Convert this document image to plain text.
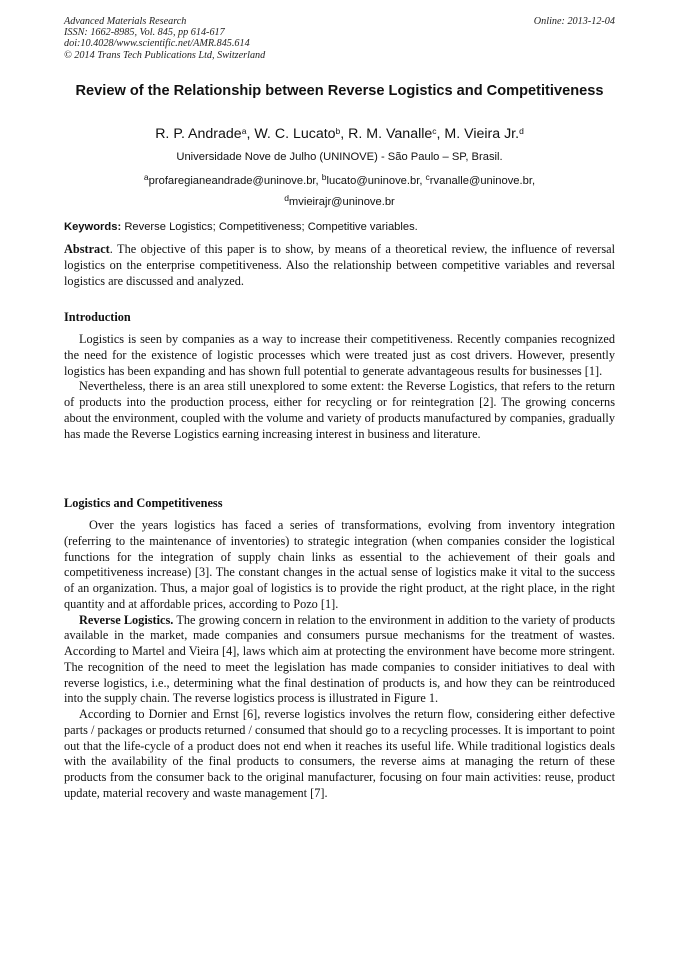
Advanced Materials Research
ISSN: 1662-8985, Vol. 845, pp 614-617
doi:10.4028/www.scientific.net/AMR.845.614
© 2014 Trans Tech Publications Ltd, Switzerland
Online: 2013-12-04
Review of the Relationship between Reverse Logistics and Competitiveness
R. P. Andrade$^a$, W. C. Lucato$^b$, R. M. Vanalle$^c$, M. Vieira Jr.$^d$
Universidade Nove de Julho (UNINOVE) - São Paulo – SP, Brasil.
$^a$profaregianeandrade@uninove.br, $^b$lucato@uninove.br, $^c$rvanalle@uninove.br,
$^d$mvieirajr@uninove.br
Keywords: Reverse Logistics; Competitiveness; Competitive variables.
Abstract. The objective of this paper is to show, by means of a theoretical review, the influence of reversal logistics on the enterprise competitiveness. Also the relationship between competitive variables and reversal logistics are discussed and analyzed.
Introduction

Logistics is seen by companies as a way to increase their competitiveness. Recently companies recognized the need for the existence of logistic processes which were treated just as cost drivers. However, presently logistics has been expanding and has shown full potential to generate advantageous results for businesses [1].

Nevertheless, there is an area still unexplored to some extent: the Reverse Logistics, that refers to the return of products into the production process, either for recycling or for reintegration [2]. The growing concerns about the environment, coupled with the volume and variety of products manufactured by companies, gradually has made the Reverse Logistics earning increasing interest in business and literature.

Logistics and Competitiveness

Over the years logistics has faced a series of transformations, evolving from inventory integration (referring to the maintenance of inventories) to strategic integration (when companies consider the logistical functions for the integration of supply chain links as essential to the achievement of their goals and competitiveness increase) [3]. The constant changes in the actual sense of logistics make it vital to the success of an organization. Thus, a major goal of logistics is to provide the right product, at the right place, in the right quantity and at affordable prices, according to Pozo [1].

Reverse Logistics. The growing concern in relation to the environment in addition to the variety of products available in the market, made companies and consumers pursue mechanisms for the treatment of wastes. According to Martel and Vieira [4], laws which aim at protecting the environment have become more stringent. The recognition of the need to meet the legislation has made companies to consider initiatives to deal with reverse logistics, i.e., determining what the final destination of products is, and how they can be reintroduced into the supply chain. The reverse logistics process is illustrated in Figure 1.

According to Dornier and Ernst [6], reverse logistics involves the return flow, considering either defective parts / packages or products returned / consumed that should go to a recycling processes. It is important to point out that the life-cycle of a product does not end when it reaches its useful life. While traditional logistics deals with the availability of the final products to consumers, the reverse aims at managing the return of these products from the consumer back to the original manufacturer, focusing on four main activities: reuse, product update, material recovery and waste management [7].
